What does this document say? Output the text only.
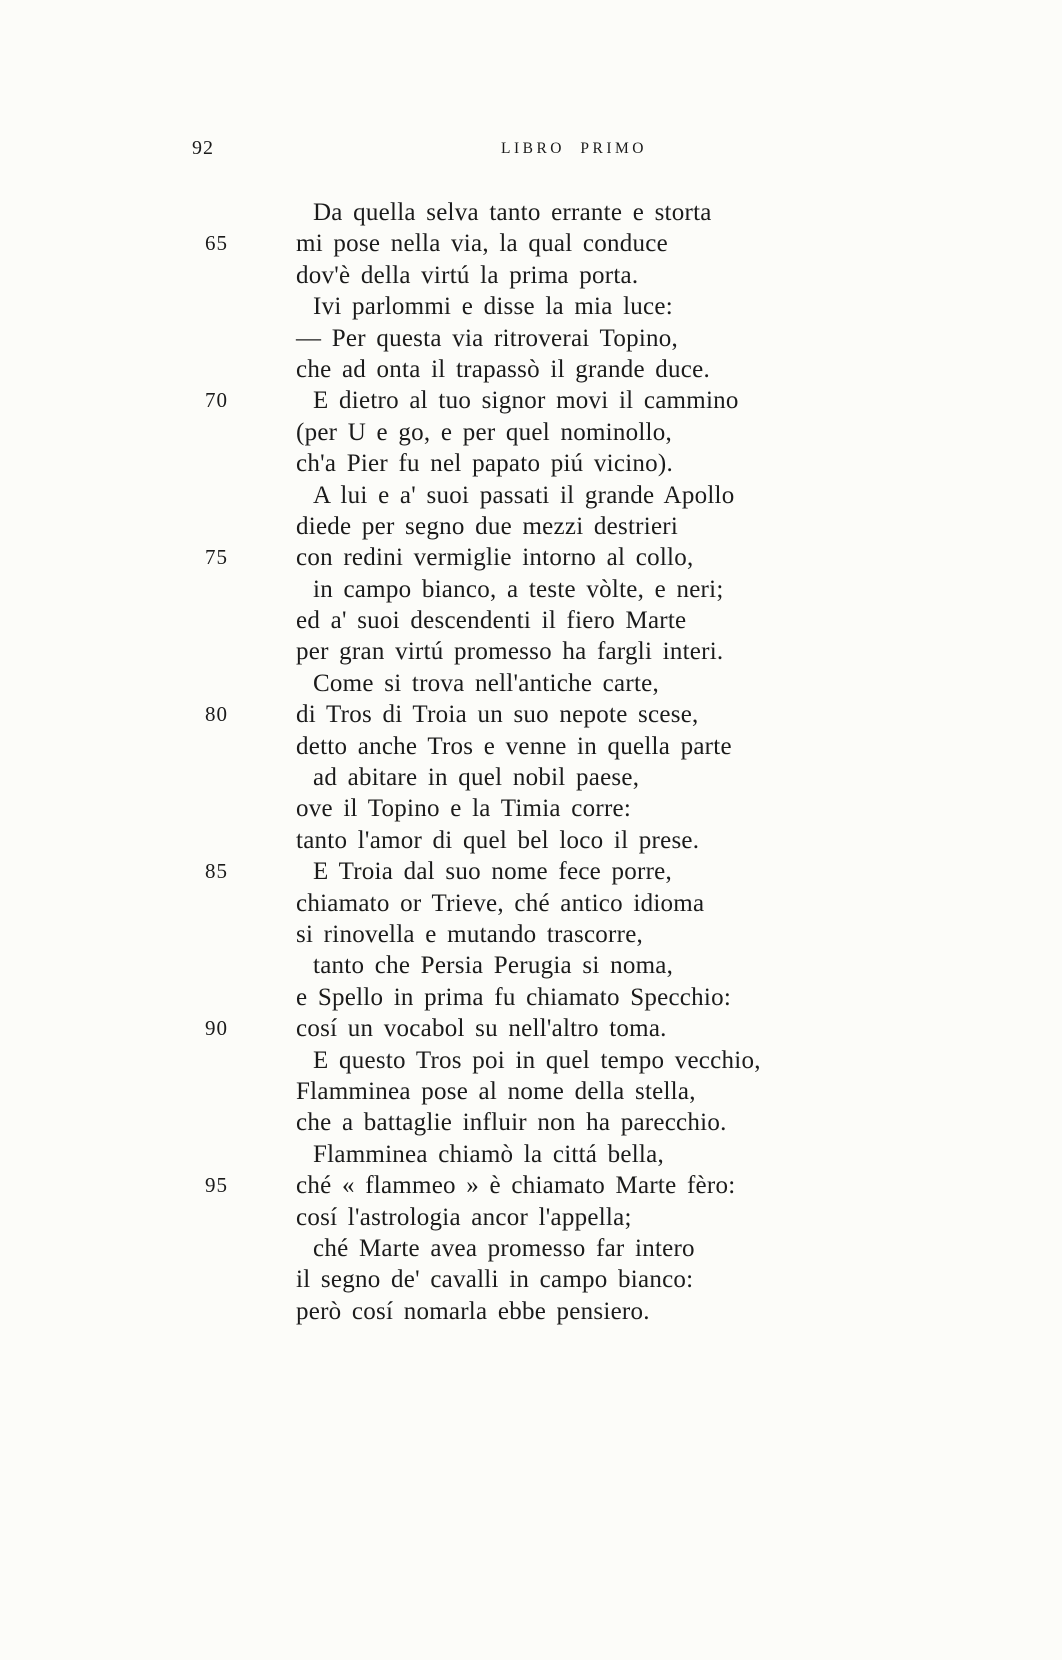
92	LIBRO PRIMO
Da quella selva tanto errante e storta
65	mi pose nella via, la qual conduce
dov'è della virtú la prima porta.
Ivi parlommi e disse la mia luce:
— Per questa via ritroverai Topino,
che ad onta il trapassò il grande duce.
70	E dietro al tuo signor movi il cammino
(per U e go, e per quel nominollo,
ch'a Pier fu nel papato piú vicino).
A lui e a' suoi passati il grande Apollo
diede per segno due mezzi destrieri
75	con redini vermiglie intorno al collo,
in campo bianco, a teste vòlte, e neri;
ed a' suoi descendenti il fiero Marte
per gran virtú promesso ha fargli interi.
Come si trova nell'antiche carte,
80	di Tros di Troia un suo nepote scese,
detto anche Tros e venne in quella parte
ad abitare in quel nobil paese,
ove il Topino e la Timia corre:
tanto l'amor di quel bel loco il prese.
85	E Troia dal suo nome fece porre,
chiamato or Trieve, ché antico idioma
si rinovella e mutando trascorre,
tanto che Persia Perugia si noma,
e Spello in prima fu chiamato Specchio:
90	cosí un vocabol su nell'altro toma.
E questo Tros poi in quel tempo vecchio,
Flamminea pose al nome della stella,
che a battaglie influir non ha parecchio.
Flamminea chiamò la cittá bella,
95	ché « flammeo » è chiamato Marte fèro:
cosí l'astrologia ancor l'appella;
ché Marte avea promesso far intero
il segno de' cavalli in campo bianco:
però cosí nomarla ebbe pensiero.
